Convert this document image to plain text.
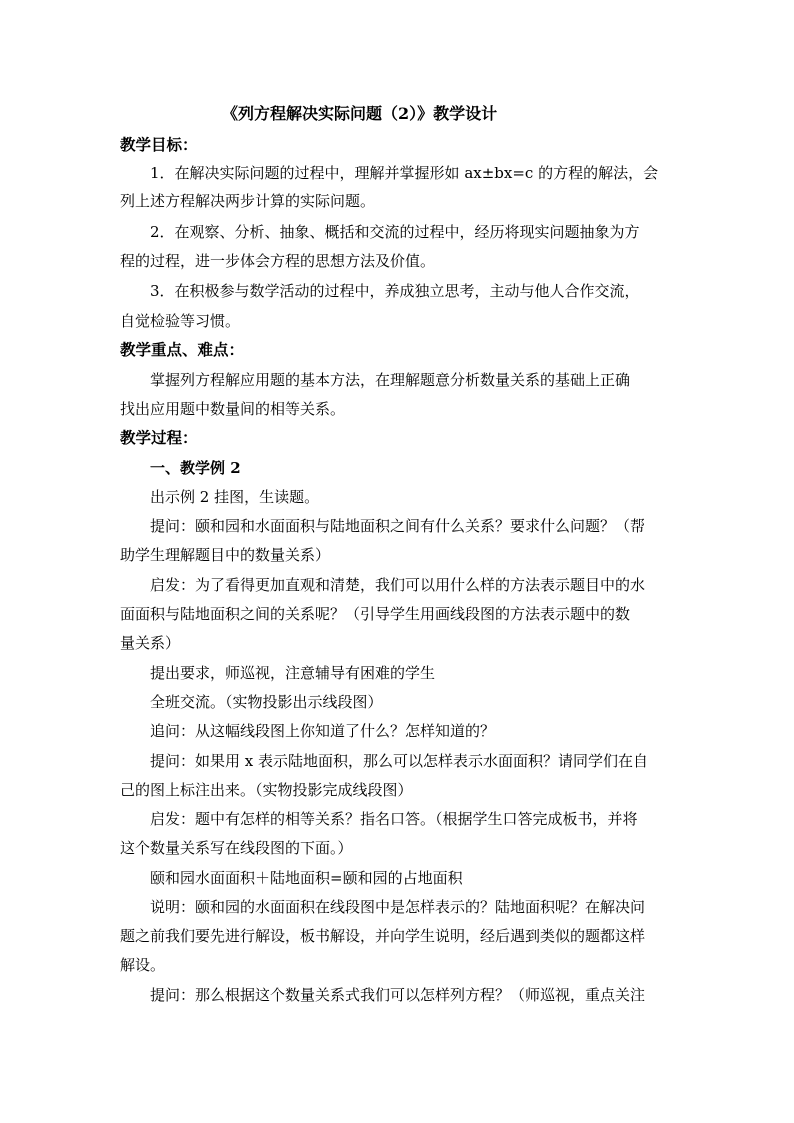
《列方程解决实际问题（2）》教学设计
教学目标：
1．在解决实际问题的过程中，理解并掌握形如 ax±bx=c 的方程的解法，会
列上述方程解决两步计算的实际问题。
2．在观察、分析、抽象、概括和交流的过程中，经历将现实问题抽象为方
程的过程，进一步体会方程的思想方法及价值。
3．在积极参与数学活动的过程中，养成独立思考，主动与他人合作交流，
自觉检验等习惯。
教学重点、难点：
掌握列方程解应用题的基本方法，在理解题意分析数量关系的基础上正确
找出应用题中数量间的相等关系。
教学过程：
一、教学例 2
出示例 2 挂图，生读题。
提问：颐和园和水面面积与陆地面积之间有什么关系？要求什么问题？（帮
助学生理解题目中的数量关系）
启发：为了看得更加直观和清楚，我们可以用什么样的方法表示题目中的水
面面积与陆地面积之间的关系呢？（引导学生用画线段图的方法表示题中的数
量关系）
提出要求，师巡视，注意辅导有困难的学生
全班交流。（实物投影出示线段图）
追问：从这幅线段图上你知道了什么？怎样知道的？
提问：如果用 x 表示陆地面积，那么可以怎样表示水面面积？请同学们在自
己的图上标注出来。（实物投影完成线段图）
启发：题中有怎样的相等关系？指名口答。（根据学生口答完成板书，并将
这个数量关系写在线段图的下面。）
颐和园水面面积＋陆地面积=颐和园的占地面积
说明：颐和园的水面面积在线段图中是怎样表示的？陆地面积呢？在解决问
题之前我们要先进行解设，板书解设，并向学生说明，经后遇到类似的题都这样
解设。
提问：那么根据这个数量关系式我们可以怎样列方程？（师巡视，重点关注
